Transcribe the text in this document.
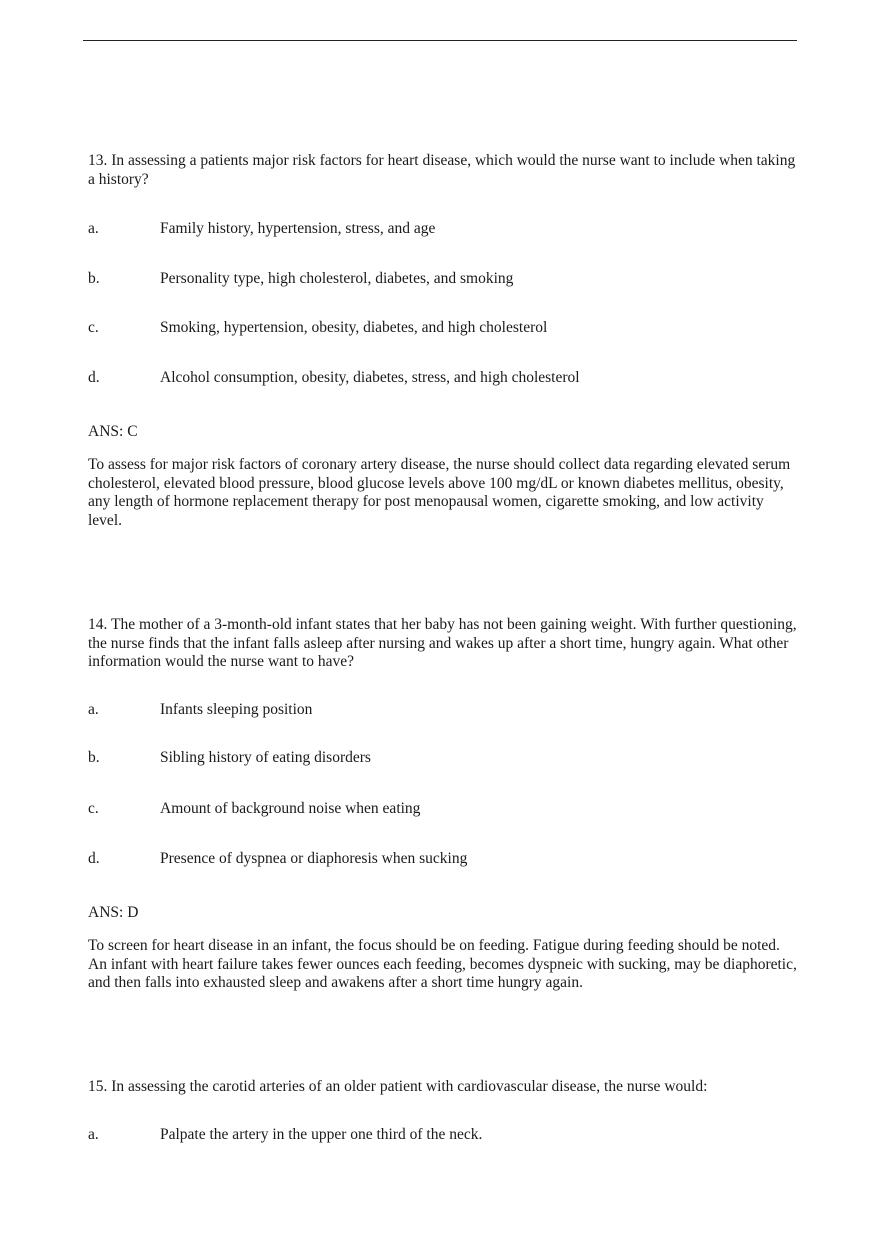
13. In assessing a patients major risk factors for heart disease, which would the nurse want to include when taking a history?

a.	Family history, hypertension, stress, and age
b.	Personality type, high cholesterol, diabetes, and smoking
c.	Smoking, hypertension, obesity, diabetes, and high cholesterol
d.	Alcohol consumption, obesity, diabetes, stress, and high cholesterol

ANS: C

To assess for major risk factors of coronary artery disease, the nurse should collect data regarding elevated serum cholesterol, elevated blood pressure, blood glucose levels above 100 mg/dL or known diabetes mellitus, obesity, any length of hormone replacement therapy for post menopausal women, cigarette smoking, and low activity level.

14. The mother of a 3-month-old infant states that her baby has not been gaining weight. With further questioning, the nurse finds that the infant falls asleep after nursing and wakes up after a short time, hungry again. What other information would the nurse want to have?

a.	Infants sleeping position
b.	Sibling history of eating disorders
c.	Amount of background noise when eating
d.	Presence of dyspnea or diaphoresis when sucking

ANS: D

To screen for heart disease in an infant, the focus should be on feeding. Fatigue during feeding should be noted. An infant with heart failure takes fewer ounces each feeding, becomes dyspneic with sucking, may be diaphoretic, and then falls into exhausted sleep and awakens after a short time hungry again.

15. In assessing the carotid arteries of an older patient with cardiovascular disease, the nurse would:

a.	Palpate the artery in the upper one third of the neck.
